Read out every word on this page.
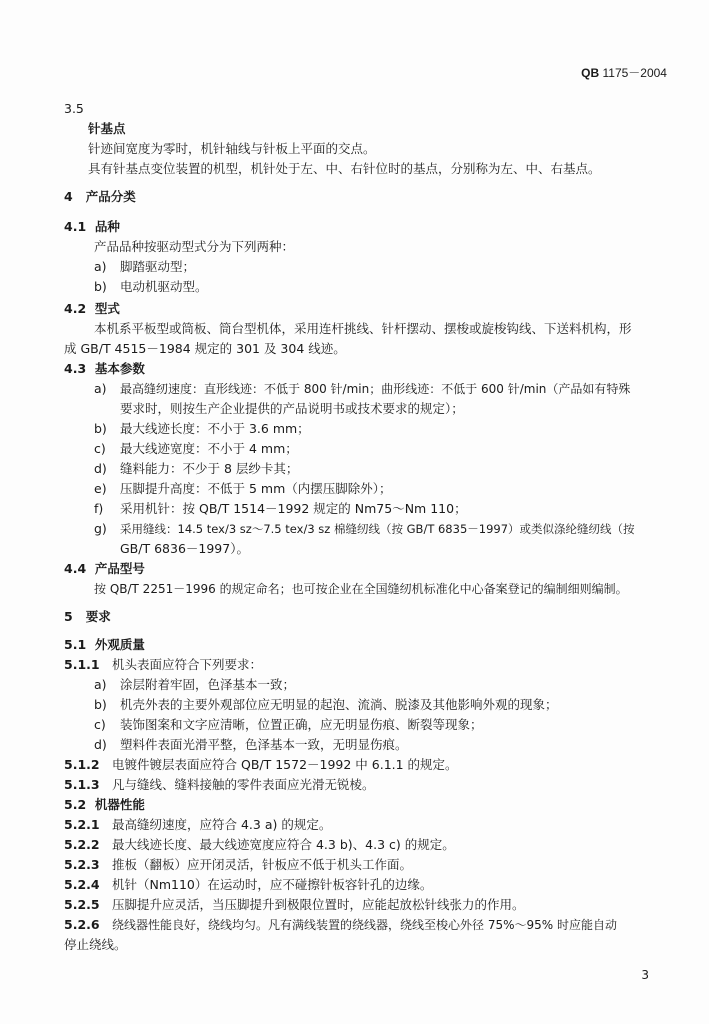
QB 1175－2004
3.5
针基点
针迹间宽度为零时，机针轴线与针板上平面的交点。
具有针基点变位装置的机型，机针处于左、中、右针位时的基点，分别称为左、中、右基点。
4 产品分类
4.1 品种
产品品种按驱动型式分为下列两种：
a) 脚踏驱动型；
b) 电动机驱动型。
4.2 型式
本机系平板型或筒板、筒台型机体，采用连杆挑线、针杆摆动、摆梭或旋梭钩线、下送料机构，形
成 GB/T 4515－1984 规定的 301 及 304 线迹。
4.3 基本参数
a) 最高缝纫速度：直形线迹：不低于 800 针/min；曲形线迹：不低于 600 针/min（产品如有特殊
要求时，则按生产企业提供的产品说明书或技术要求的规定）；
b) 最大线迹长度：不小于 3.6 mm；
c) 最大线迹宽度：不小于 4 mm；
d) 缝料能力：不少于 8 层纱卡其；
e) 压脚提升高度：不低于 5 mm（内摆压脚除外）；
f) 采用机针：按 QB/T 1514－1992 规定的 Nm75～Nm 110；
g) 采用缝线：14.5 tex/3 sz～7.5 tex/3 sz 棉缝纫线（按 GB/T 6835－1997）或类似涤纶缝纫线（按
GB/T 6836－1997）。
4.4 产品型号
按 QB/T 2251－1996 的规定命名；也可按企业在全国缝纫机标准化中心备案登记的编制细则编制。
5 要求
5.1 外观质量
5.1.1 机头表面应符合下列要求：
a) 涂层附着牢固，色泽基本一致；
b) 机壳外表的主要外观部位应无明显的起泡、流淌、脱漆及其他影响外观的现象；
c) 装饰图案和文字应清晰，位置正确，应无明显伤痕、断裂等现象；
d) 塑料件表面光滑平整，色泽基本一致，无明显伤痕。
5.1.2 电镀件镀层表面应符合 QB/T 1572－1992 中 6.1.1 的规定。
5.1.3 凡与缝线、缝料接触的零件表面应光滑无锐棱。
5.2 机器性能
5.2.1 最高缝纫速度，应符合 4.3 a) 的规定。
5.2.2 最大线迹长度、最大线迹宽度应符合 4.3 b)、4.3 c) 的规定。
5.2.3 推板（翻板）应开闭灵活，针板应不低于机头工作面。
5.2.4 机针（Nm110）在运动时，应不碰擦针板容针孔的边缘。
5.2.5 压脚提升应灵活，当压脚提升到极限位置时，应能起放松针线张力的作用。
5.2.6 绕线器性能良好，绕线均匀。凡有满线装置的绕线器，绕线至梭心外径 75%～95% 时应能自动
停止绕线。
3
